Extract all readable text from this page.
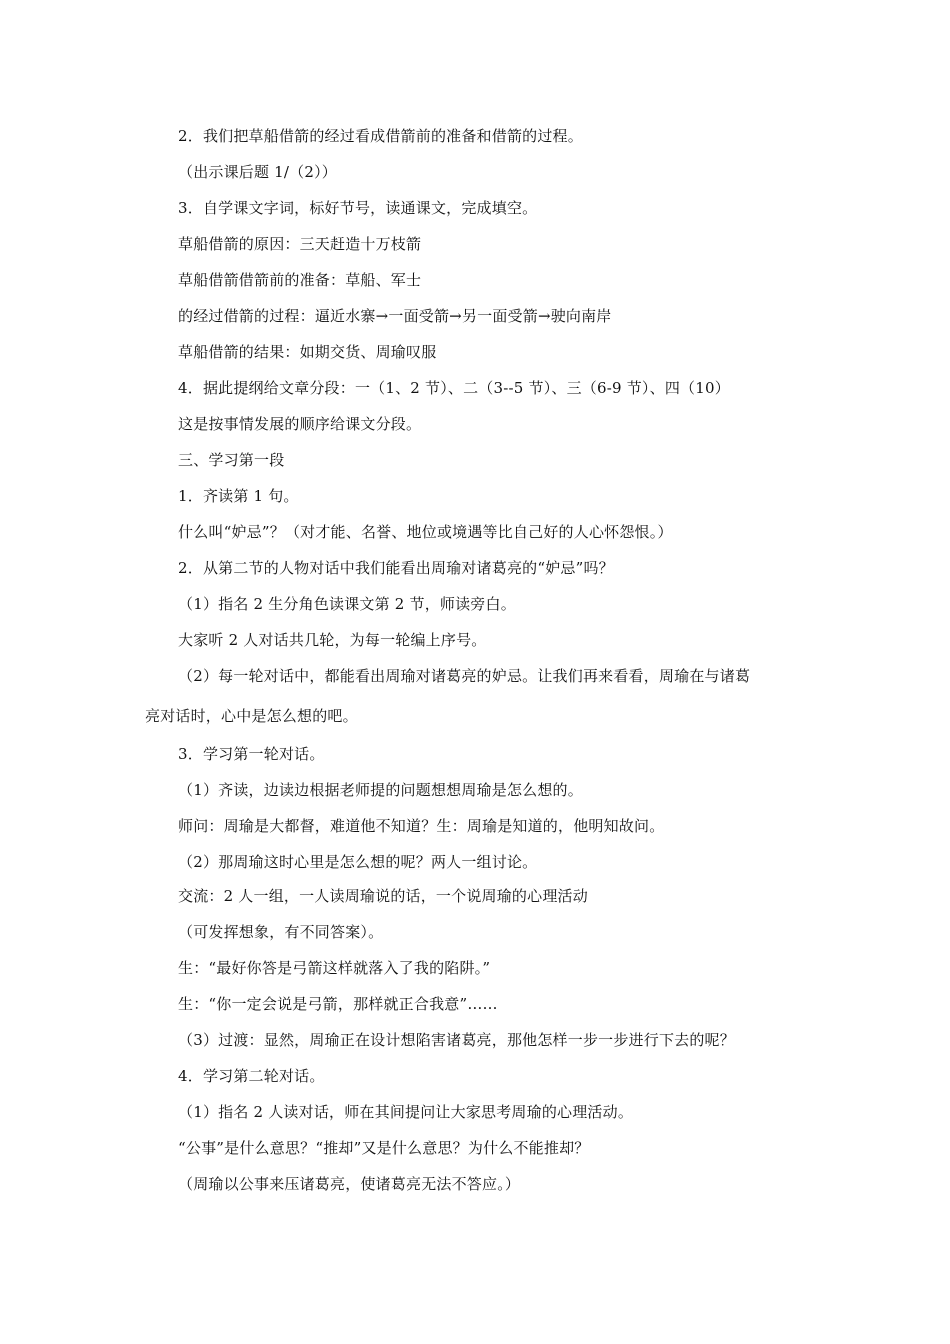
2．我们把草船借箭的经过看成借箭前的准备和借箭的过程。
（出示课后题 1/（2））
3．自学课文字词，标好节号，读通课文，完成填空。
草船借箭的原因：三天赶造十万枝箭
草船借箭借箭前的准备：草船、军士
的经过借箭的过程：逼近水寨→一面受箭→另一面受箭→驶向南岸
草船借箭的结果：如期交货、周瑜叹服
4．据此提纲给文章分段：一（1、2 节）、二（3--5 节）、三（6-9 节）、四（10）
这是按事情发展的顺序给课文分段。
三、学习第一段
1．齐读第 1 句。
什么叫“妒忌”？（对才能、名誉、地位或境遇等比自己好的人心怀怨恨。）
2．从第二节的人物对话中我们能看出周瑜对诸葛亮的“妒忌”吗？
（1）指名 2 生分角色读课文第 2 节，师读旁白。
大家听 2 人对话共几轮，为每一轮编上序号。
（2）每一轮对话中，都能看出周瑜对诸葛亮的妒忌。让我们再来看看，周瑜在与诸葛
亮对话时，心中是怎么想的吧。
3．学习第一轮对话。
（1）齐读，边读边根据老师提的问题想想周瑜是怎么想的。
师问：周瑜是大都督，难道他不知道？生：周瑜是知道的，他明知故问。
（2）那周瑜这时心里是怎么想的呢？两人一组讨论。
交流：2 人一组，一人读周瑜说的话，一个说周瑜的心理活动
（可发挥想象，有不同答案）。
生：“最好你答是弓箭这样就落入了我的陷阱。”
生：“你一定会说是弓箭，那样就正合我意”……
（3）过渡：显然，周瑜正在设计想陷害诸葛亮，那他怎样一步一步进行下去的呢？
4．学习第二轮对话。
（1）指名 2 人读对话，师在其间提问让大家思考周瑜的心理活动。
“公事”是什么意思？“推却”又是什么意思？为什么不能推却？
（周瑜以公事来压诸葛亮，使诸葛亮无法不答应。）
